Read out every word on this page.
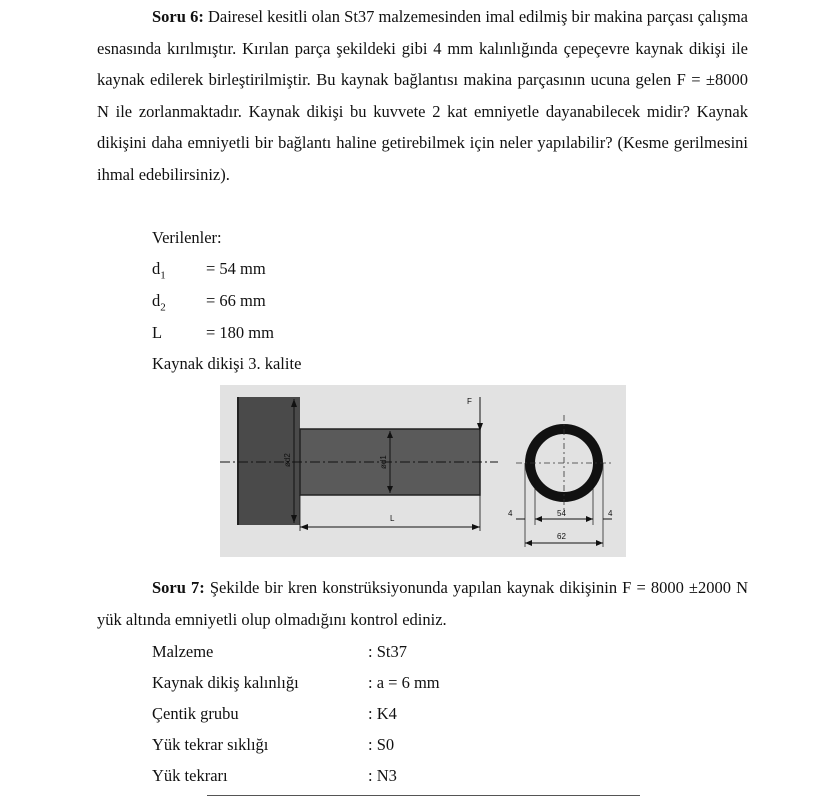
Soru 6: Dairesel kesitli olan St37 malzemesinden imal edilmiş bir makina parçası çalışma esnasında kırılmıştır. Kırılan parça şekildeki gibi 4 mm kalınlığında çepeçevre kaynak dikişi ile kaynak edilerek birleştirilmiştir. Bu kaynak bağlantısı makina parçasının ucuna gelen F = ±8000 N ile zorlanmaktadır. Kaynak dikişi bu kuvvete 2 kat emniyetle dayanabilecek midir? Kaynak dikişini daha emniyetli bir bağlantı haline getirebilmek için neler yapılabilir? (Kesme gerilmesini ihmal edebilirsiniz).
Verilenler:
$d_1 = 54$ mm
$d_2 = 66$ mm
L	= 180 mm
Kaynak dikişi 3. kalite
ød2	ød1
F
L
4	4
54
62
Soru 7: Şekilde bir kren konstrüksiyonunda yapılan kaynak dikişinin F = 8000 ±2000 N yük altında emniyetli olup olmadığını kontrol ediniz.
Malzeme	: St37
Kaynak dikiş kalınlığı	: a = 6 mm
Çentik grubu	: K4
Yük tekrar sıklığı	: S0
Yük tekrarı	: N3
